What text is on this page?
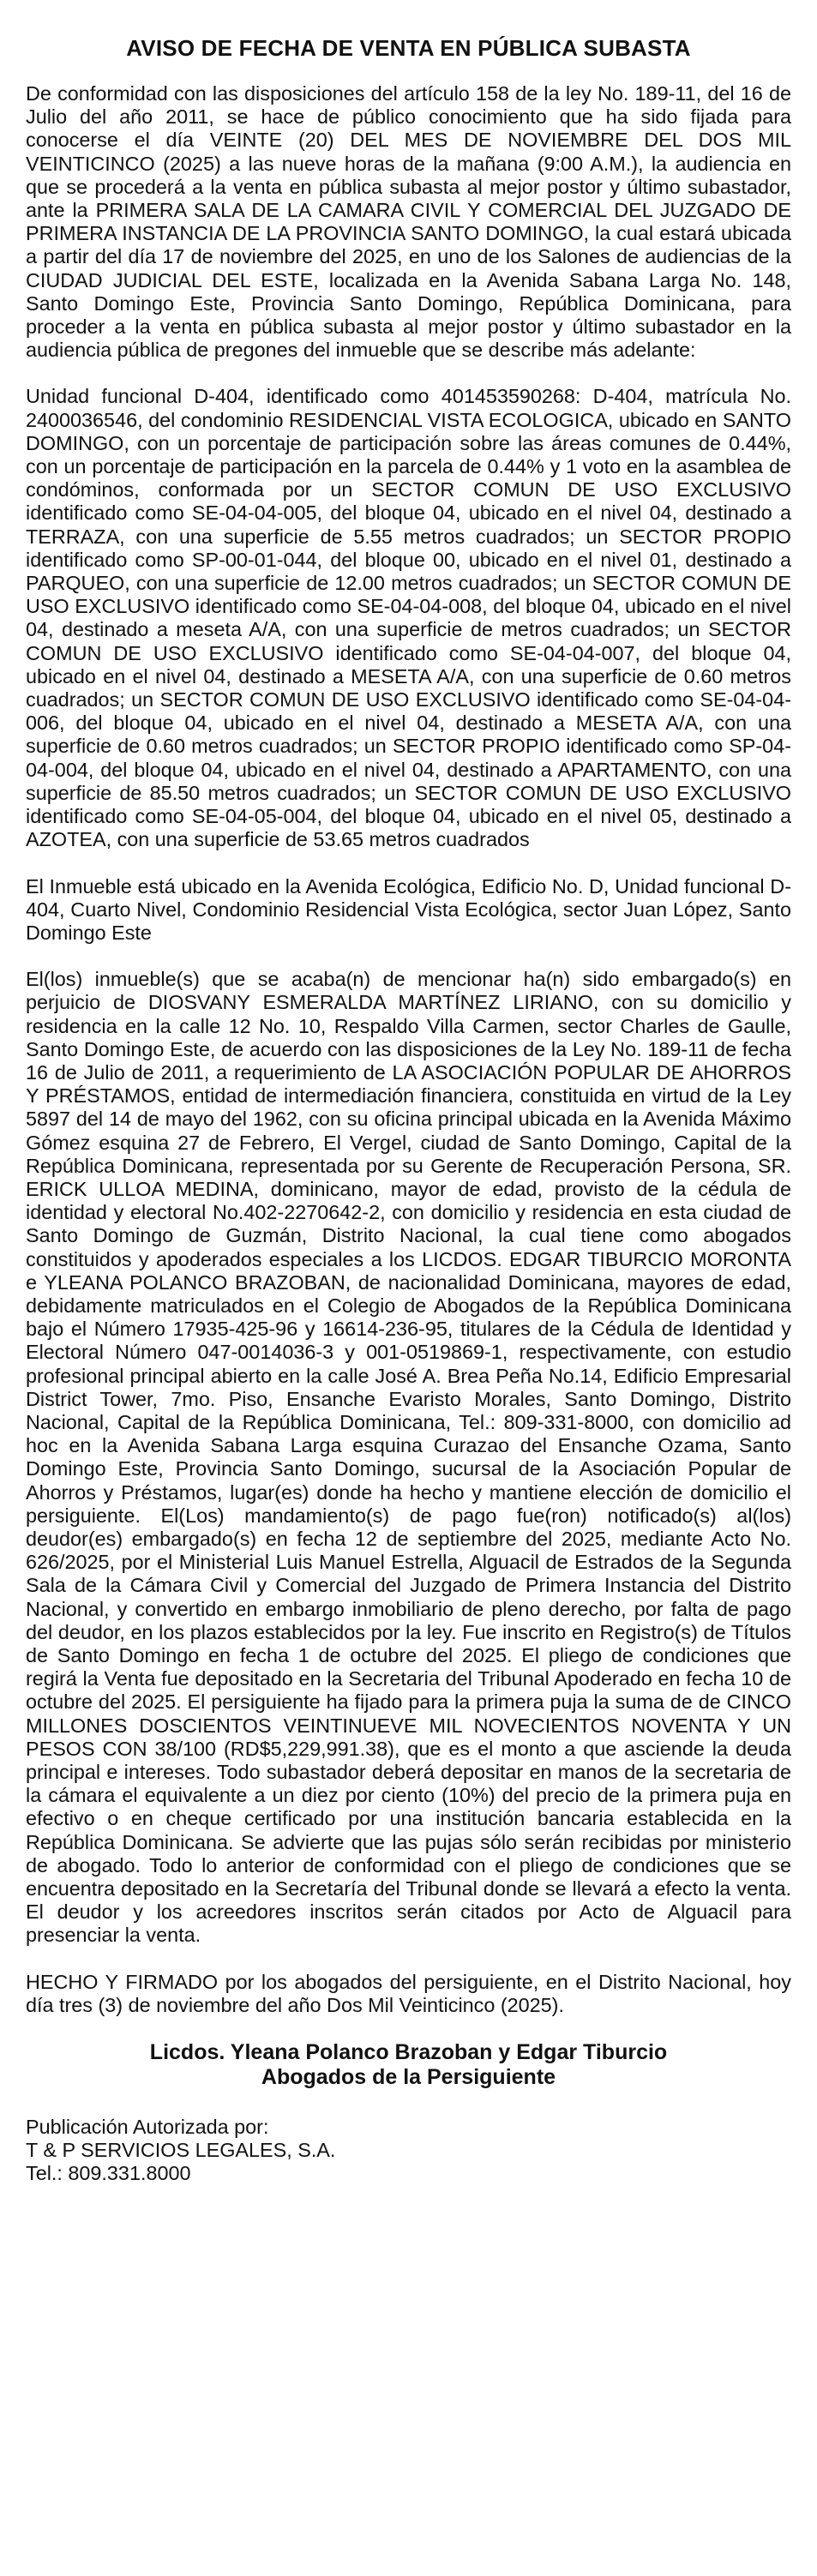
AVISO DE FECHA DE VENTA EN PÚBLICA SUBASTA

De conformidad con las disposiciones del artículo 158 de la ley No. 189-11, del 16 de Julio del año 2011, se hace de público conocimiento que ha sido fijada para conocerse el día VEINTE (20) DEL MES DE NOVIEMBRE DEL DOS MIL VEINTICINCO (2025) a las nueve horas de la mañana (9:00 A.M.), la audiencia en que se procederá a la venta en pública subasta al mejor postor y último subastador, ante la PRIMERA SALA DE LA CAMARA CIVIL Y COMERCIAL DEL JUZGADO DE PRIMERA INSTANCIA DE LA PROVINCIA SANTO DOMINGO, la cual estará ubicada a partir del día 17 de noviembre del 2025, en uno de los Salones de audiencias de la CIUDAD JUDICIAL DEL ESTE, localizada en la Avenida Sabana Larga No. 148, Santo Domingo Este, Provincia Santo Domingo, República Dominicana, para proceder a la venta en pública subasta al mejor postor y último subastador en la audiencia pública de pregones del inmueble que se describe más adelante:

Unidad funcional D-404, identificado como 401453590268: D-404, matrícula No. 2400036546, del condominio RESIDENCIAL VISTA ECOLOGICA, ubicado en SANTO DOMINGO, con un porcentaje de participación sobre las áreas comunes de 0.44%, con un porcentaje de participación en la parcela de 0.44% y 1 voto en la asamblea de condóminos, conformada por un SECTOR COMUN DE USO EXCLUSIVO identificado como SE-04-04-005, del bloque 04, ubicado en el nivel 04, destinado a TERRAZA, con una superficie de 5.55 metros cuadrados; un SECTOR PROPIO identificado como SP-00-01-044, del bloque 00, ubicado en el nivel 01, destinado a PARQUEO, con una superficie de 12.00 metros cuadrados; un SECTOR COMUN DE USO EXCLUSIVO identificado como SE-04-04-008, del bloque 04, ubicado en el nivel 04, destinado a meseta A/A, con una superficie de metros cuadrados; un SECTOR COMUN DE USO EXCLUSIVO identificado como SE-04-04-007, del bloque 04, ubicado en el nivel 04, destinado a MESETA A/A, con una superficie de 0.60 metros cuadrados; un SECTOR COMUN DE USO EXCLUSIVO identificado como SE-04-04-006, del bloque 04, ubicado en el nivel 04, destinado a MESETA A/A, con una superficie de 0.60 metros cuadrados; un SECTOR PROPIO identificado como SP-04-04-004, del bloque 04, ubicado en el nivel 04, destinado a APARTAMENTO, con una superficie de 85.50 metros cuadrados; un SECTOR COMUN DE USO EXCLUSIVO identificado como SE-04-05-004, del bloque 04, ubicado en el nivel 05, destinado a AZOTEA, con una superficie de 53.65 metros cuadrados

El Inmueble está ubicado en la Avenida Ecológica, Edificio No. D, Unidad funcional D-404, Cuarto Nivel, Condominio Residencial Vista Ecológica, sector Juan López, Santo Domingo Este

El(los) inmueble(s) que se acaba(n) de mencionar ha(n) sido embargado(s) en perjuicio de DIOSVANY ESMERALDA MARTÍNEZ LIRIANO, con su domicilio y residencia en la calle 12 No. 10, Respaldo Villa Carmen, sector Charles de Gaulle, Santo Domingo Este, de acuerdo con las disposiciones de la Ley No. 189-11 de fecha 16 de Julio de 2011, a requerimiento de LA ASOCIACIÓN POPULAR DE AHORROS Y PRÉSTAMOS, entidad de intermediación financiera, constituida en virtud de la Ley 5897 del 14 de mayo del 1962, con su oficina principal ubicada en la Avenida Máximo Gómez esquina 27 de Febrero, El Vergel, ciudad de Santo Domingo, Capital de la República Dominicana, representada por su Gerente de Recuperación Persona, SR. ERICK ULLOA MEDINA, dominicano, mayor de edad, provisto de la cédula de identidad y electoral No.402-2270642-2, con domicilio y residencia en esta ciudad de Santo Domingo de Guzmán, Distrito Nacional, la cual tiene como abogados constituidos y apoderados especiales a los LICDOS. EDGAR TIBURCIO MORONTA e YLEANA POLANCO BRAZOBAN, de nacionalidad Dominicana, mayores de edad, debidamente matriculados en el Colegio de Abogados de la República Dominicana bajo el Número 17935-425-96 y 16614-236-95, titulares de la Cédula de Identidad y Electoral Número 047-0014036-3 y 001-0519869-1, respectivamente, con estudio profesional principal abierto en la calle José A. Brea Peña No.14, Edificio Empresarial District Tower, 7mo. Piso, Ensanche Evaristo Morales, Santo Domingo, Distrito Nacional, Capital de la República Dominicana, Tel.: 809-331-8000, con domicilio ad hoc en la Avenida Sabana Larga esquina Curazao del Ensanche Ozama, Santo Domingo Este, Provincia Santo Domingo, sucursal de la Asociación Popular de Ahorros y Préstamos, lugar(es) donde ha hecho y mantiene elección de domicilio el persiguiente. El(Los) mandamiento(s) de pago fue(ron) notificado(s) al(los) deudor(es) embargado(s) en fecha 12 de septiembre del 2025, mediante Acto No. 626/2025, por el Ministerial Luis Manuel Estrella, Alguacil de Estrados de la Segunda Sala de la Cámara Civil y Comercial del Juzgado de Primera Instancia del Distrito Nacional, y convertido en embargo inmobiliario de pleno derecho, por falta de pago del deudor, en los plazos establecidos por la ley. Fue inscrito en Registro(s) de Títulos de Santo Domingo en fecha 1 de octubre del 2025. El pliego de condiciones que regirá la Venta fue depositado en la Secretaria del Tribunal Apoderado en fecha 10 de octubre del 2025. El persiguiente ha fijado para la primera puja la suma de de CINCO MILLONES DOSCIENTOS VEINTINUEVE MIL NOVECIENTOS NOVENTA Y UN PESOS CON 38/100 (RD$5,229,991.38), que es el monto a que asciende la deuda principal e intereses. Todo subastador deberá depositar en manos de la secretaria de la cámara el equivalente a un diez por ciento (10%) del precio de la primera puja en efectivo o en cheque certificado por una institución bancaria establecida en la República Dominicana. Se advierte que las pujas sólo serán recibidas por ministerio de abogado. Todo lo anterior de conformidad con el pliego de condiciones que se encuentra depositado en la Secretaría del Tribunal donde se llevará a efecto la venta. El deudor y los acreedores inscritos serán citados por Acto de Alguacil para presenciar la venta.

HECHO Y FIRMADO por los abogados del persiguiente, en el Distrito Nacional, hoy día tres (3) de noviembre del año Dos Mil Veinticinco (2025).

Licdos. Yleana Polanco Brazoban y Edgar Tiburcio
Abogados de la Persiguiente
Publicación Autorizada por:
T & P SERVICIOS LEGALES, S.A.
Tel.: 809.331.8000
